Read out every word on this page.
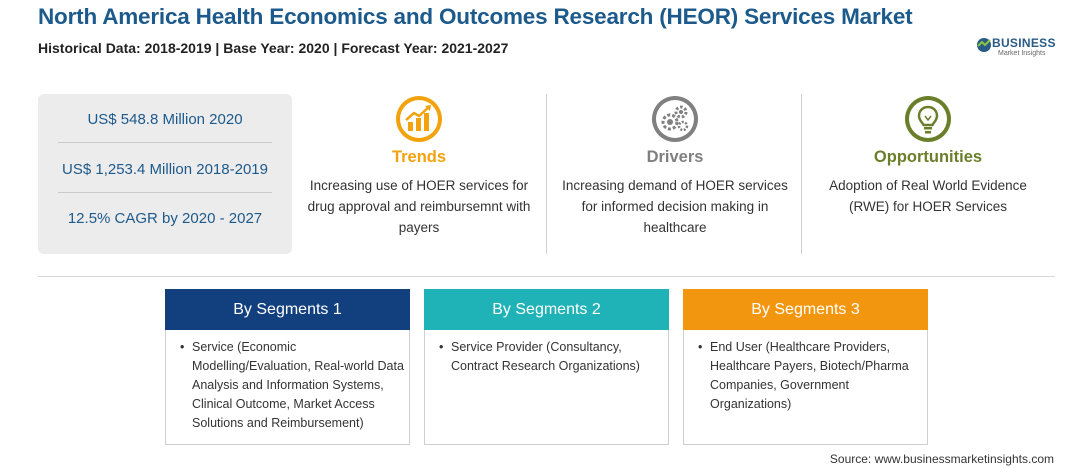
North America Health Economics and Outcomes Research (HEOR) Services Market

Historical Data: 2018-2019 | Base Year: 2020 | Forecast Year: 2021-2027	BUSINESS
Market Insights
US$ 548.8 Million 2020
US$ 1,253.4 Million 2018-2019
12.5% CAGR by 2020 - 2027
Trends
Increasing use of HOER services for drug approval and reimbursemnt with payers
Drivers
Increasing demand of HOER services for informed decision making in healthcare
Opportunities
Adoption of Real World Evidence (RWE) for HOER Services
By Segments 1
• Service (Economic Modelling/Evaluation, Real-world Data Analysis and Information Systems, Clinical Outcome, Market Access Solutions and Reimbursement)
By Segments 2
• Service Provider (Consultancy, Contract Research Organizations)
By Segments 3
• End User (Healthcare Providers, Healthcare Payers, Biotech/Pharma Companies, Government Organizations)
Source: www.businessmarketinsights.com
